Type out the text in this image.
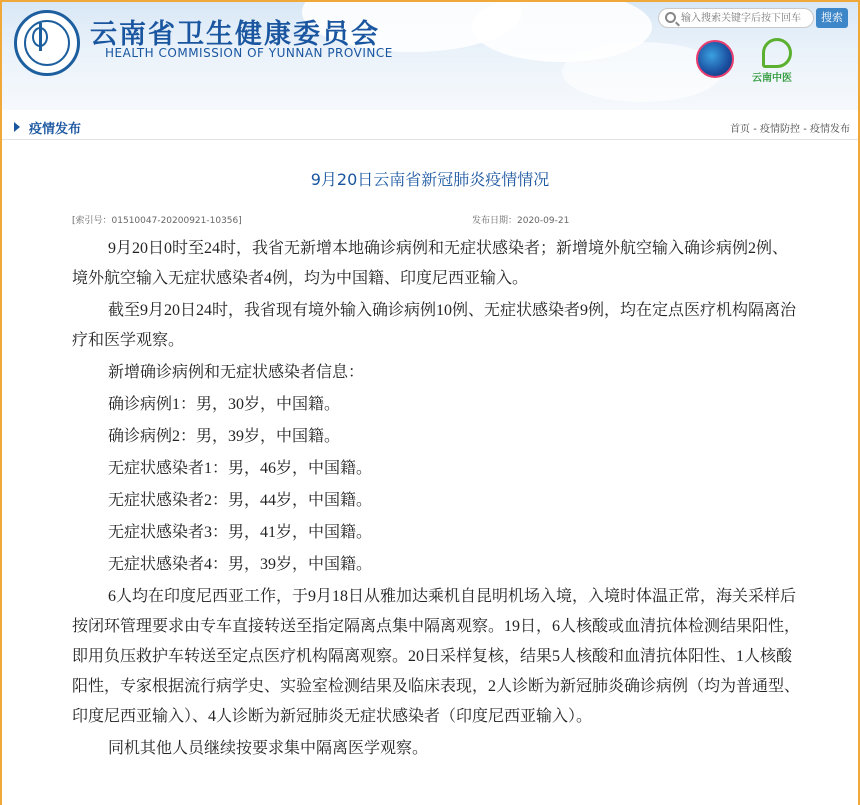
云南省卫生健康委员会
HEALTH COMMISSION OF YUNNAN PROVINCE
输入搜索关键字后按下回车
搜索
云南中医
疫情发布	首页 - 疫情防控 - 疫情发布
9月20日云南省新冠肺炎疫情情况
[索引号：01510047-20200921-10356]	发布日期：2020-09-21

9月20日0时至24时，我省无新增本地确诊病例和无症状感染者；新增境外航空输入确诊病例2例、境外航空输入无症状感染者4例，均为中国籍、印度尼西亚输入。

截至9月20日24时，我省现有境外输入确诊病例10例、无症状感染者9例，均在定点医疗机构隔离治疗和医学观察。

新增确诊病例和无症状感染者信息：

确诊病例1：男，30岁，中国籍。

确诊病例2：男，39岁，中国籍。

无症状感染者1：男，46岁，中国籍。

无症状感染者2：男，44岁，中国籍。

无症状感染者3：男，41岁，中国籍。

无症状感染者4：男，39岁，中国籍。

6人均在印度尼西亚工作，于9月18日从雅加达乘机自昆明机场入境，入境时体温正常，海关采样后按闭环管理要求由专车直接转送至指定隔离点集中隔离观察。19日，6人核酸或血清抗体检测结果阳性，即用负压救护车转送至定点医疗机构隔离观察。20日采样复核，结果5人核酸和血清抗体阳性、1人核酸阳性，专家根据流行病学史、实验室检测结果及临床表现，2人诊断为新冠肺炎确诊病例（均为普通型、印度尼西亚输入）、4人诊断为新冠肺炎无症状感染者（印度尼西亚输入）。

同机其他人员继续按要求集中隔离医学观察。
